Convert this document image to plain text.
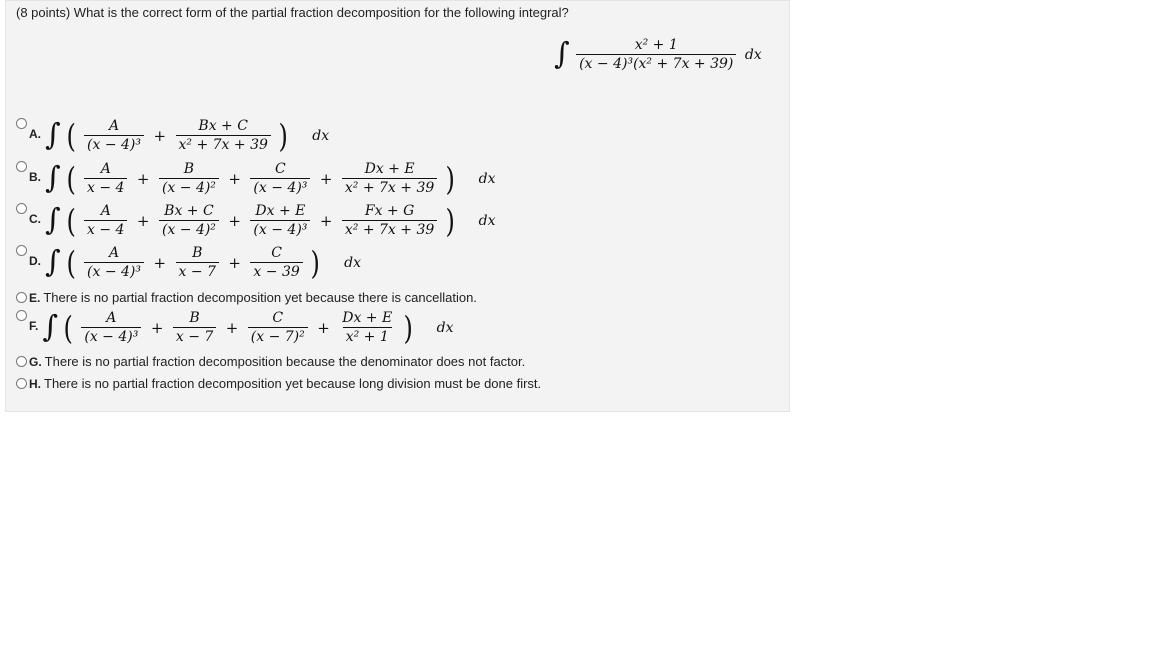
(8 points) What is the correct form of the partial fraction decomposition for the following integral?
∫ $\frac{\text{x² + 1}}{\text{(x − 4)³(x² + 7x + 39)}}$ dx
A. ∫ ( $\frac{A}{\text{(x − 4)³}} + \frac{Bx + C}{\text{x² + 7x + 39}}$ ) dx
B. ∫ ( $\frac{A}{x - 4} + \frac{B}{\text{(x − 4)²}} + \frac{C}{\text{(x − 4)³}} + \frac{Dx + E}{\text{x² + 7x + 39}}$ ) dx
C. ∫ ( $\frac{A}{x - 4} + \frac{Bx + C}{\text{(x − 4)²}} + \frac{Dx + E}{\text{(x − 4)³}} + \frac{Fx + G}{\text{x² + 7x + 39}}$ ) dx
D. ∫ ( $\frac{A}{\text{(x − 4)³}} + \frac{B}{x - 7} + \frac{C}{x - 39}$ ) dx
E. There is no partial fraction decomposition yet because there is cancellation.
F. ∫ ( $\frac{A}{\text{(x − 4)³}} + \frac{B}{x - 7} + \frac{C}{\text{(x − 7)²}} + \frac{Dx + E}{\text{x² + 1}}$ ) dx
G. There is no partial fraction decomposition because the denominator does not factor.
H. There is no partial fraction decomposition yet because long division must be done first.
